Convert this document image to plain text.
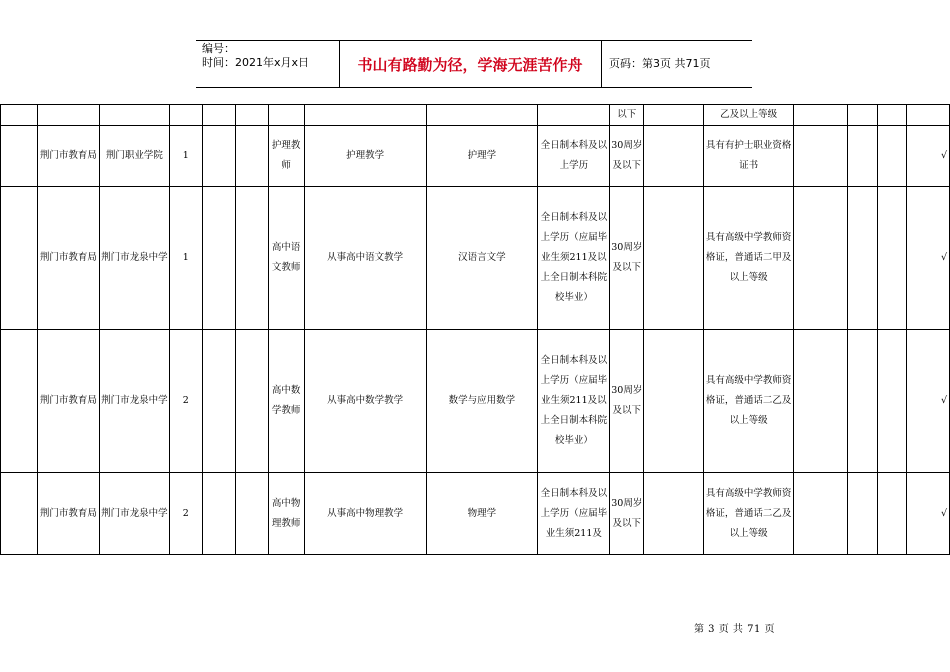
编号：
时间：2021年x月x日	书山有路勤为径，学海无涯苦作舟	页码：第3页 共71页
										以下		乙及以上等级				
	荆门市教育局	荆门职业学院	1			护理教师	护理教学	护理学	全日制本科及以上学历	30周岁及以下		具有有护士职业资格证书				√
	荆门市教育局	荆门市龙泉中学	1			高中语文教师	从事高中语文教学	汉语言文学	全日制本科及以上学历（应届毕业生须211及以上全日制本科院校毕业）	30周岁及以下		具有高级中学教师资格证，普通话二甲及以上等级				√
	荆门市教育局	荆门市龙泉中学	2			高中数学教师	从事高中数学教学	数学与应用数学	全日制本科及以上学历（应届毕业生须211及以上全日制本科院校毕业）	30周岁及以下		具有高级中学教师资格证，普通话二乙及以上等级				√
	荆门市教育局	荆门市龙泉中学	2			高中物理教师	从事高中物理教学	物理学	全日制本科及以上学历（应届毕业生须211及	30周岁及以下		具有高级中学教师资格证，普通话二乙及以上等级				√
第 3 页 共 71 页
